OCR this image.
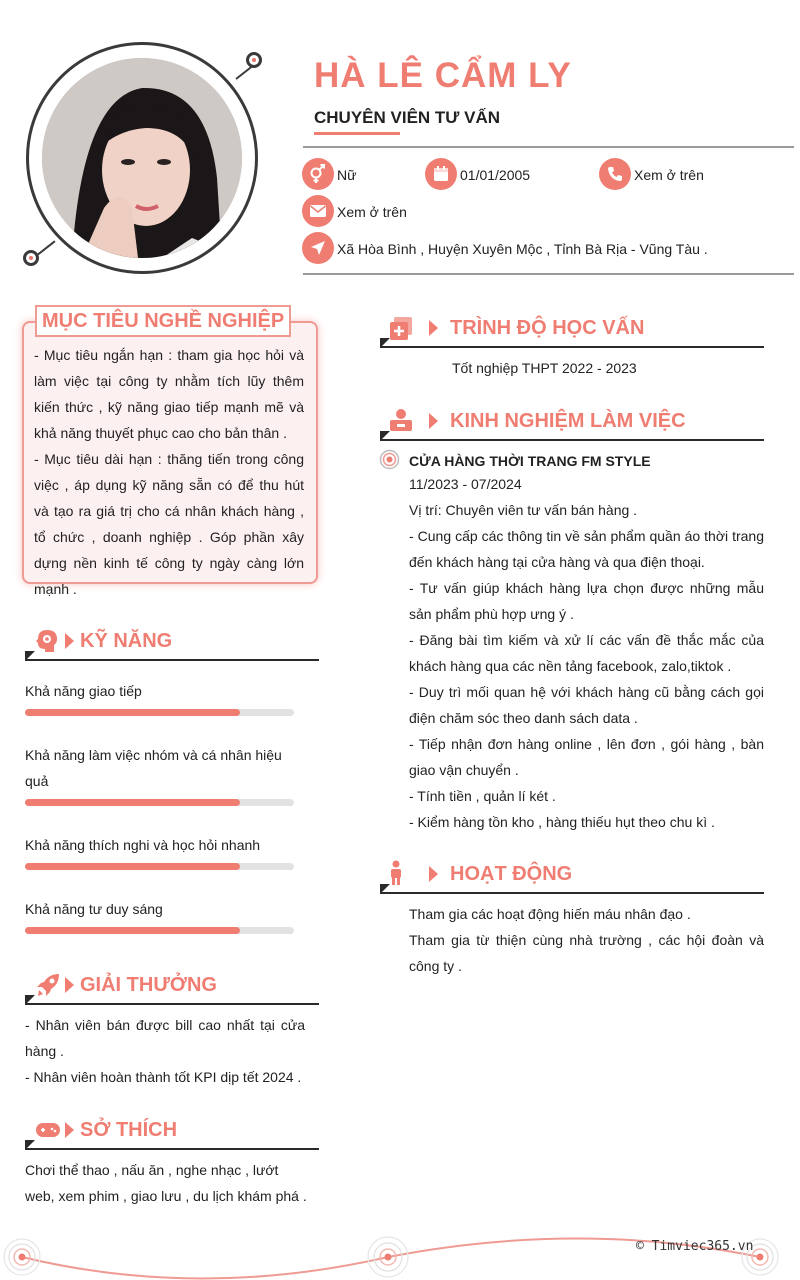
HÀ LÊ CẨM LY
CHUYÊN VIÊN TƯ VẤN
Nữ	01/01/2005	Xem ở trên
Xem ở trên
Xã Hòa Bình , Huyện Xuyên Mộc , Tỉnh Bà Rịa - Vũng Tàu .
MỤC TIÊU NGHỀ NGHIỆP
- Mục tiêu ngắn hạn : tham gia học hỏi và làm việc tại công ty nhằm tích lũy thêm kiến thức , kỹ năng giao tiếp mạnh mẽ và khả năng thuyết phục cao cho bản thân .
- Mục tiêu dài hạn : thăng tiến trong công việc , áp dụng kỹ năng sẵn có để thu hút và tạo ra giá trị cho cá nhân khách hàng , tổ chức , doanh nghiệp . Góp phần xây dựng nền kinh tế công ty ngày càng lớn mạnh .
KỸ NĂNG
Khả năng giao tiếp
Khả năng làm việc nhóm và cá nhân hiệu quả
Khả năng thích nghi và học hỏi nhanh
Khả năng tư duy sáng
GIẢI THƯỞNG
- Nhân viên bán được bill cao nhất tại cửa hàng .
- Nhân viên hoàn thành tốt KPI dịp tết 2024 .
SỞ THÍCH
Chơi thể thao , nấu ăn , nghe nhạc , lướt web, xem phim , giao lưu , du lịch khám phá .
TRÌNH ĐỘ HỌC VẤN
Tốt nghiệp THPT 2022 - 2023
KINH NGHIỆM LÀM VIỆC
CỬA HÀNG THỜI TRANG FM STYLE
11/2023 - 07/2024
Vị trí: Chuyên viên tư vấn bán hàng .
- Cung cấp các thông tin về sản phẩm quần áo thời trang đến khách hàng tại cửa hàng và qua điện thoại.
- Tư vấn giúp khách hàng lựa chọn được những mẫu sản phẩm phù hợp ưng ý .
- Đăng bài tìm kiếm và xử lí các vấn đề thắc mắc của khách hàng qua các nền tảng facebook, zalo,tiktok .
- Duy trì mối quan hệ với khách hàng cũ bằng cách gọi điện chăm sóc theo danh sách data .
- Tiếp nhận đơn hàng online , lên đơn , gói hàng , bàn giao vận chuyển .
- Tính tiền , quản lí két .
- Kiểm hàng tồn kho , hàng thiếu hụt theo chu kì .
HOẠT ĐỘNG
Tham gia các hoạt động hiến máu nhân đạo .
Tham gia từ thiện cùng nhà trường , các hội đoàn và công ty .
© Timviec365.vn
